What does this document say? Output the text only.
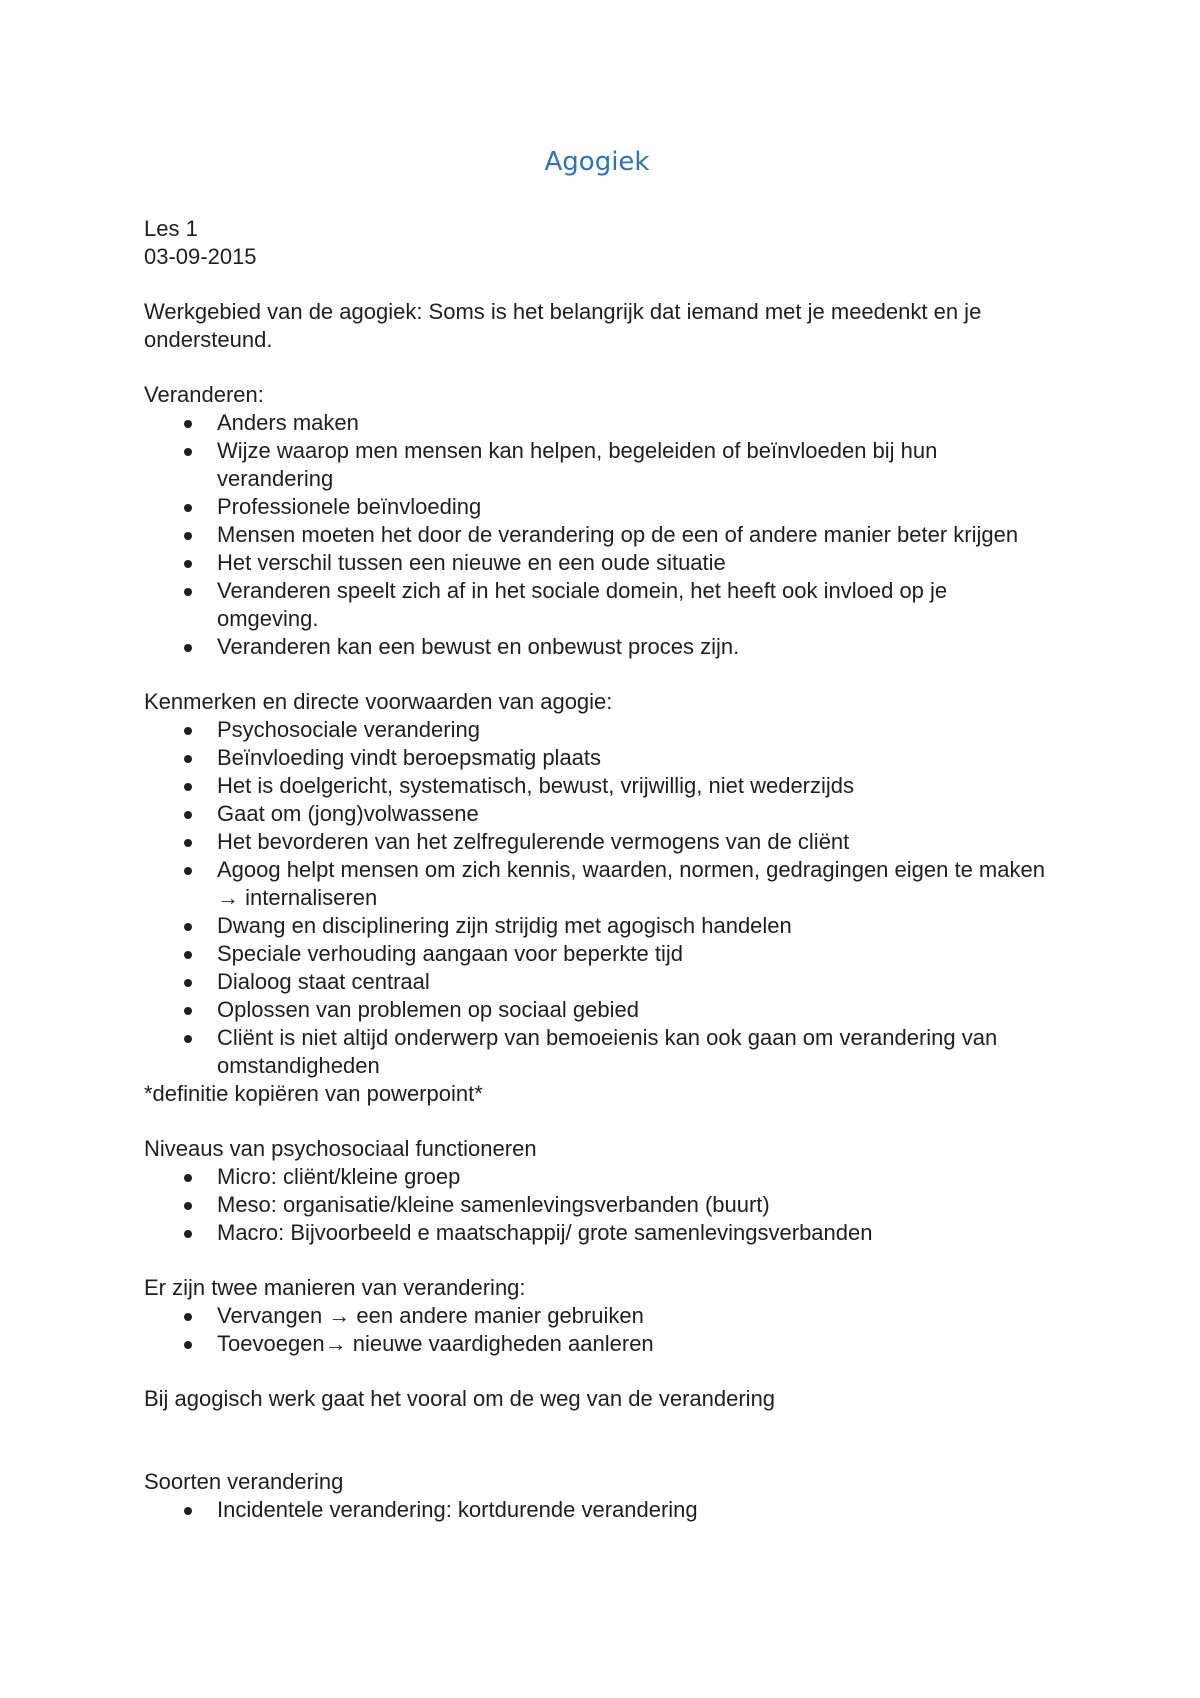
Agogiek

Les 1

03-09-2015

Werkgebied van de agogiek: Soms is het belangrijk dat iemand met je meedenkt en je ondersteund.

Veranderen:

Anders maken
Wijze waarop men mensen kan helpen, begeleiden of beïnvloeden bij hun verandering
Professionele beïnvloeding
Mensen moeten het door de verandering op de een of andere manier beter krijgen
Het verschil tussen een nieuwe en een oude situatie
Veranderen speelt zich af in het sociale domein, het heeft ook invloed op je omgeving.
Veranderen kan een bewust en onbewust proces zijn.

Kenmerken en directe voorwaarden van agogie:

Psychosociale verandering
Beïnvloeding vindt beroepsmatig plaats
Het is doelgericht, systematisch, bewust, vrijwillig, niet wederzijds
Gaat om (jong)volwassene
Het bevorderen van het zelfregulerende vermogens van de cliënt
Agoog helpt mensen om zich kennis, waarden, normen, gedragingen eigen te maken → internaliseren
Dwang en disciplinering zijn strijdig met agogisch handelen
Speciale verhouding aangaan voor beperkte tijd
Dialoog staat centraal
Oplossen van problemen op sociaal gebied
Cliënt is niet altijd onderwerp van bemoeienis kan ook gaan om verandering van omstandigheden

*definitie kopiëren van powerpoint*

Niveaus van psychosociaal functioneren

Micro: cliënt/kleine groep
Meso: organisatie/kleine samenlevingsverbanden (buurt)
Macro: Bijvoorbeeld e maatschappij/ grote samenlevingsverbanden

Er zijn twee manieren van verandering:

Vervangen → een andere manier gebruiken
Toevoegen→ nieuwe vaardigheden aanleren

Bij agogisch werk gaat het vooral om de weg van de verandering

Soorten verandering

Incidentele verandering: kortdurende verandering
